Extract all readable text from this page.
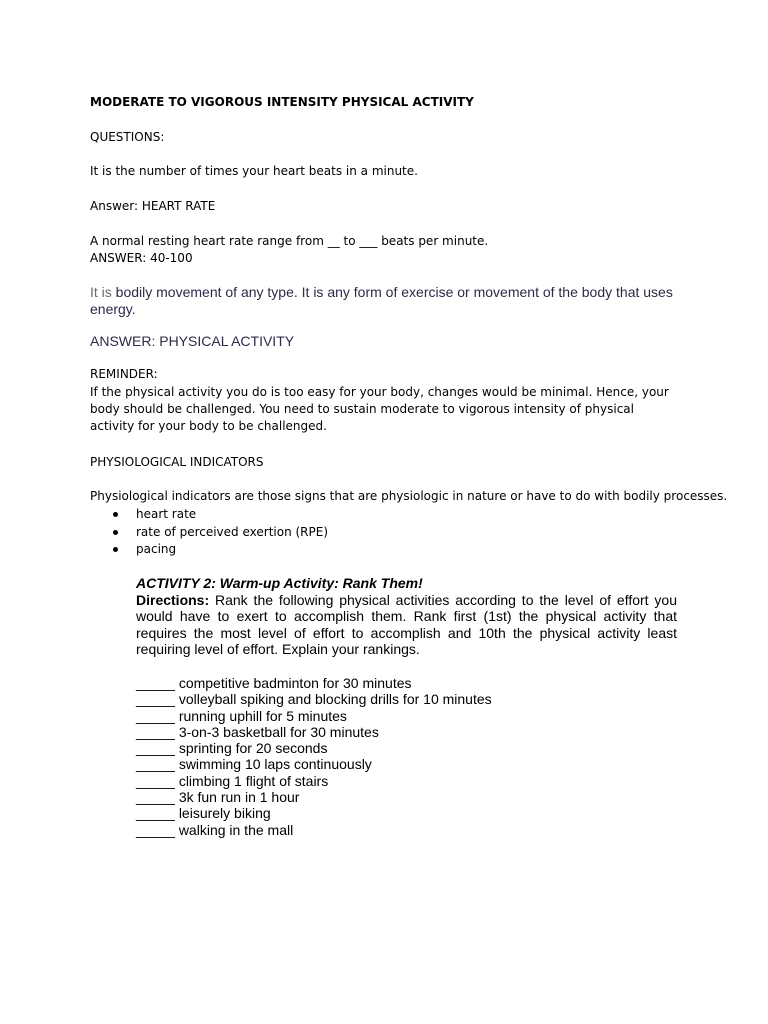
MODERATE TO VIGOROUS INTENSITY PHYSICAL ACTIVITY
QUESTIONS:
It is the number of times your heart beats in a minute.
Answer: HEART RATE
A normal resting heart rate range from __ to ___ beats per minute.
ANSWER: 40-100
It is bodily movement of any type. It is any form of exercise or movement of the body that uses energy.
ANSWER: PHYSICAL ACTIVITY
REMINDER:
If the physical activity you do is too easy for your body, changes would be minimal. Hence, your body should be challenged. You need to sustain moderate to vigorous intensity of physical activity for your body to be challenged.
PHYSIOLOGICAL INDICATORS
Physiological indicators are those signs that are physiologic in nature or have to do with bodily processes.
heart rate
rate of perceived exertion (RPE)
pacing

ACTIVITY 2: Warm-up Activity: Rank Them!

Directions: Rank the following physical activities according to the level of effort you would have to exert to accomplish them. Rank first (1st) the physical activity that requires the most level of effort to accomplish and 10th the physical activity least requiring level of effort. Explain your rankings.

_____ competitive badminton for 30 minutes
_____ volleyball spiking and blocking drills for 10 minutes
_____ running uphill for 5 minutes
_____ 3-on-3 basketball for 30 minutes
_____ sprinting for 20 seconds
_____ swimming 10 laps continuously
_____ climbing 1 flight of stairs
_____ 3k fun run in 1 hour
_____ leisurely biking
_____ walking in the mall
